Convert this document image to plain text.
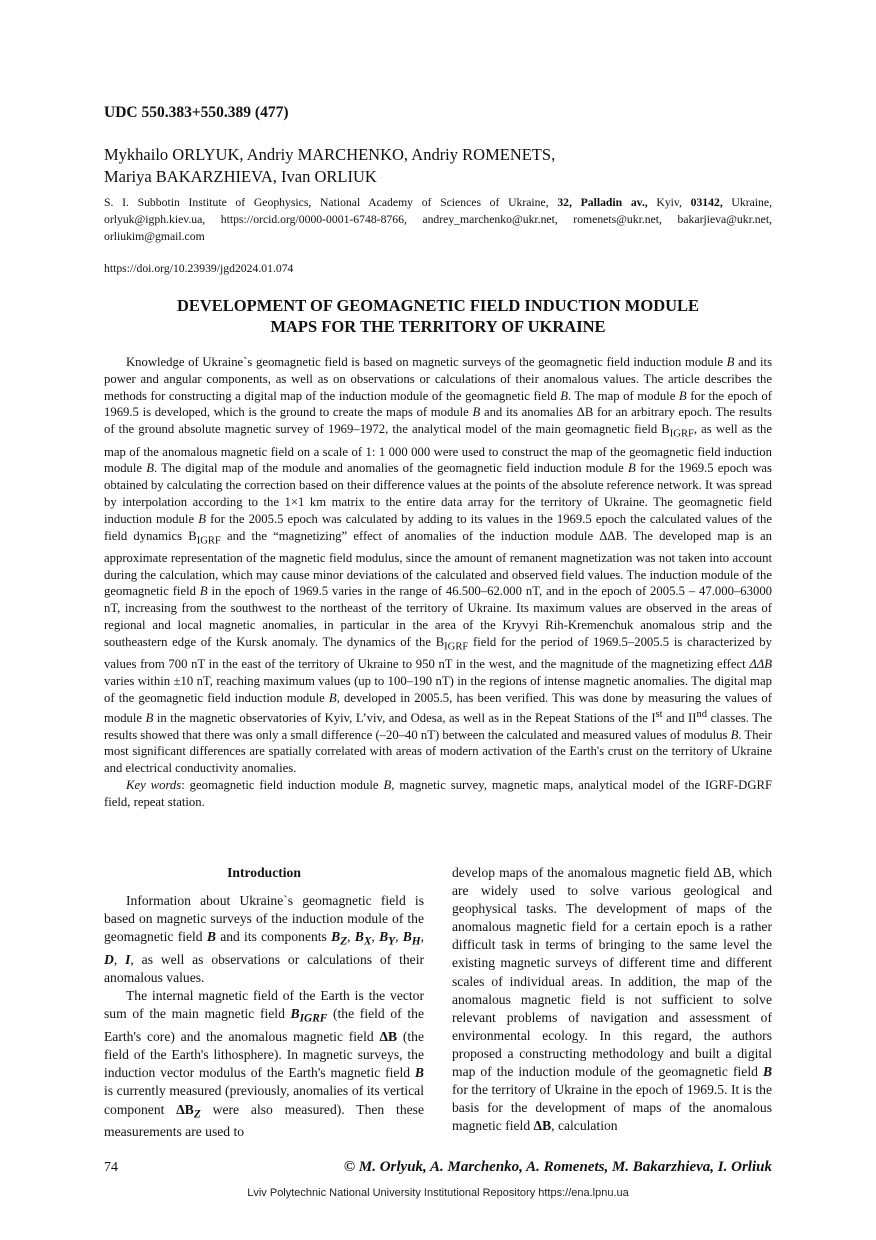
UDC 550.383+550.389 (477)
Mykhailo ORLYUK, Andriy MARCHENKO, Andriy ROMENETS,
Mariya BAKARZHIEVA, Ivan ORLIUK
S. I. Subbotin Institute of Geophysics, National Academy of Sciences of Ukraine, 32, Palladin av., Kyiv, 03142, Ukraine, orlyuk@igph.kiev.ua, https://orcid.org/0000-0001-6748-8766, andrey_marchenko@ukr.net, romenets@ukr.net, bakarjieva@ukr.net, orliukim@gmail.com
https://doi.org/10.23939/jgd2024.01.074
DEVELOPMENT OF GEOMAGNETIC FIELD INDUCTION MODULE
MAPS FOR THE TERRITORY OF UKRAINE

Knowledge of Ukraine`s geomagnetic field is based on magnetic surveys of the geomagnetic field induction module B and its power and angular components, as well as on observations or calculations of their anomalous values. The article describes the methods for constructing a digital map of the induction module of the geomagnetic field B. The map of module B for the epoch of 1969.5 is developed, which is the ground to create the maps of module B and its anomalies ΔB for an arbitrary epoch. The results of the ground absolute magnetic survey of 1969–1972, the analytical model of the main geomagnetic field $B_{IGRF}$, as well as the map of the anomalous magnetic field on a scale of 1: 1 000 000 were used to construct the map of the geomagnetic field induction module B. The digital map of the module and anomalies of the geomagnetic field induction module B for the 1969.5 epoch was obtained by calculating the correction based on their difference values at the points of the absolute reference network. It was spread by interpolation according to the 1×1 km matrix to the entire data array for the territory of Ukraine. The geomagnetic field induction module B for the 2005.5 epoch was calculated by adding to its values in the 1969.5 epoch the calculated values of the field dynamics $B_{IGRF}$ and the “magnetizing” effect of anomalies of the induction module ΔΔB. The developed map is an approximate representation of the magnetic field modulus, since the amount of remanent magnetization was not taken into account during the calculation, which may cause minor deviations of the calculated and observed field values. The induction module of the geomagnetic field B in the epoch of 1969.5 varies in the range of 46.500–62.000 nT, and in the epoch of 2005.5 – 47.000–63000 nT, increasing from the southwest to the northeast of the territory of Ukraine. Its maximum values are observed in the areas of regional and local magnetic anomalies, in particular in the area of the Kryvyi Rih-Kremenchuk anomalous strip and the southeastern edge of the Kursk anomaly. The dynamics of the $B_{IGRF}$ field for the period of 1969.5–2005.5 is characterized by values from 700 nT in the east of the territory of Ukraine to 950 nT in the west, and the magnitude of the magnetizing effect ΔΔB varies within ±10 nT, reaching maximum values (up to 100–190 nT) in the regions of intense magnetic anomalies. The digital map of the geomagnetic field induction module B, developed in 2005.5, has been verified. This was done by measuring the values of module B in the magnetic observatories of Kyiv, L’viv, and Odesa, as well as in the Repeat Stations of the Ist and IInd classes. The results showed that there was only a small difference (–20–40 nT) between the calculated and measured values of modulus B. Their most significant differences are spatially correlated with areas of modern activation of the Earth's crust on the territory of Ukraine and electrical conductivity anomalies.

Key words: geomagnetic field induction module B, magnetic survey, magnetic maps, analytical model of the IGRF-DGRF field, repeat station.

Introduction

Information about Ukraine`s geomagnetic field is based on magnetic surveys of the induction module of the geomagnetic field B and its components $B_Z$, $B_X$, $B_Y$, $B_H$, D, I, as well as observations or calculations of their anomalous values.

The internal magnetic field of the Earth is the vector sum of the main magnetic field $B_{IGRF}$ (the field of the Earth's core) and the anomalous magnetic field ΔB (the field of the Earth's lithosphere). In magnetic surveys, the induction vector modulus of the Earth's magnetic field B is currently measured (previously, anomalies of its vertical component $\Delta B_Z$ were also measured). Then these measurements are used to

develop maps of the anomalous magnetic field ΔB, which are widely used to solve various geological and geophysical tasks. The development of maps of the anomalous magnetic field for a certain epoch is a rather difficult task in terms of bringing to the same level the existing magnetic surveys of different time and different scales of individual areas. In addition, the map of the anomalous magnetic field is not sufficient to solve relevant problems of navigation and assessment of environmental ecology. In this regard, the authors proposed a constructing methodology and built a digital map of the induction module of the geomagnetic field B for the territory of Ukraine in the epoch of 1969.5. It is the basis for the development of maps of the anomalous magnetic field ΔB, calculation

74	© M. Orlyuk, A. Marchenko, A. Romenets, M. Bakarzhieva, I. Orliuk
Lviv Polytechnic National University Institutional Repository https://ena.lpnu.ua
